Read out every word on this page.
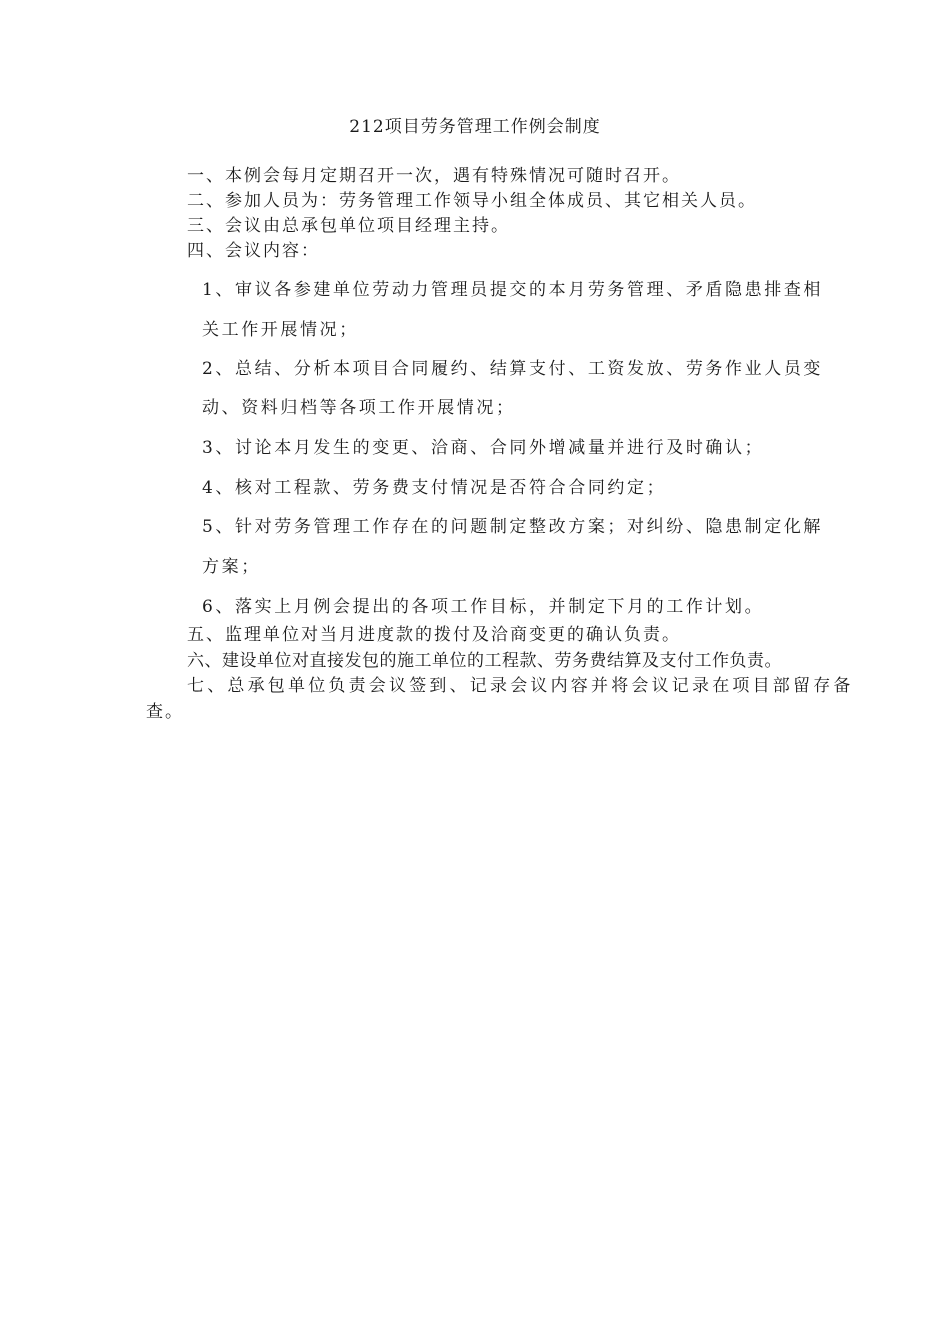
212项目劳务管理工作例会制度
一、本例会每月定期召开一次，遇有特殊情况可随时召开。
二、参加人员为：劳务管理工作领导小组全体成员、其它相关人员。
三、会议由总承包单位项目经理主持。
四、会议内容：
1、审议各参建单位劳动力管理员提交的本月劳务管理、矛盾隐患排查相
关工作开展情况；
2、总结、分析本项目合同履约、结算支付、工资发放、劳务作业人员变
动、资料归档等各项工作开展情况；
3、讨论本月发生的变更、洽商、合同外增减量并进行及时确认；
4、核对工程款、劳务费支付情况是否符合合同约定；
5、针对劳务管理工作存在的问题制定整改方案；对纠纷、隐患制定化解
方案；
6、落实上月例会提出的各项工作目标，并制定下月的工作计划。
五、监理单位对当月进度款的拨付及洽商变更的确认负责。
六、建设单位对直接发包的施工单位的工程款、劳务费结算及支付工作负责。
七、总承包单位负责会议签到、记录会议内容并将会议记录在项目部留存备
查。
